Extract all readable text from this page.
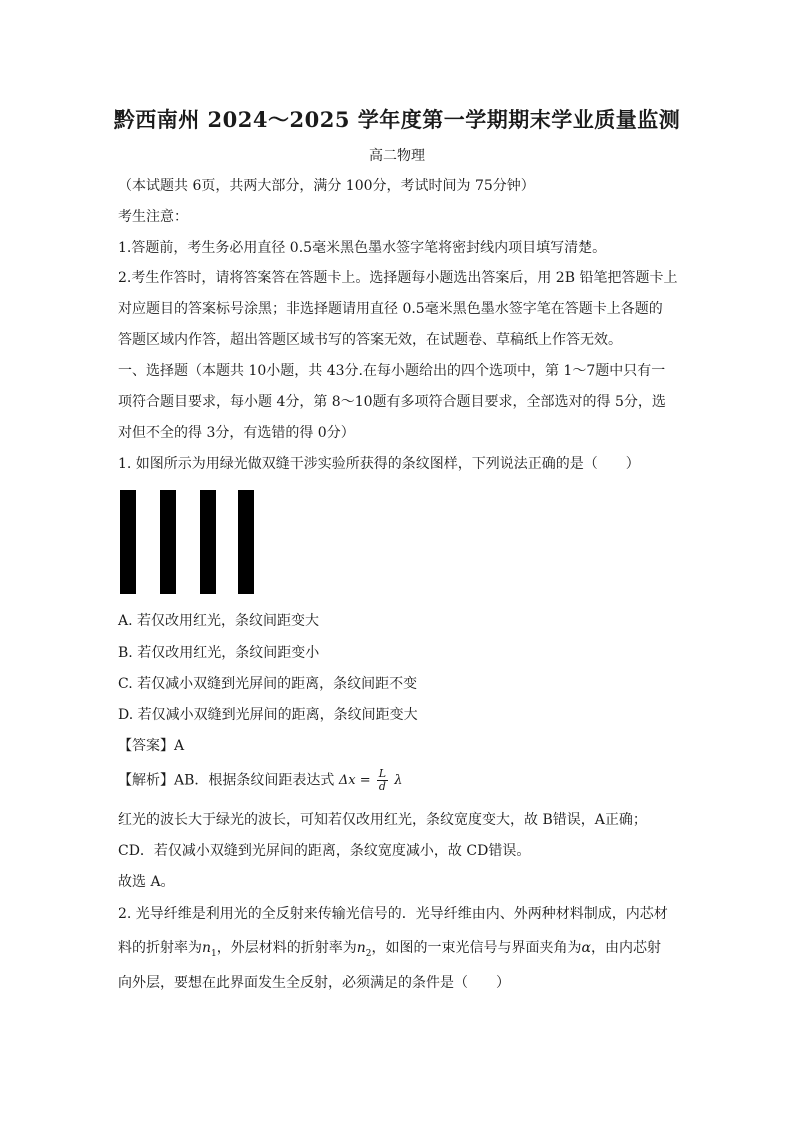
黔西南州 2024～2025 学年度第一学期期末学业质量监测
高二物理
（本试题共 6页，共两大部分，满分 100分，考试时间为 75分钟）
考生注意：
1.答题前，考生务必用直径 0.5毫米黑色墨水签字笔将密封线内项目填写清楚。
2.考生作答时，请将答案答在答题卡上。选择题每小题选出答案后，用 2B 铅笔把答题卡上
对应题目的答案标号涂黑；非选择题请用直径 0.5毫米黑色墨水签字笔在答题卡上各题的
答题区域内作答，超出答题区域书写的答案无效，在试题卷、草稿纸上作答无效。
一、选择题（本题共 10小题，共 43分.在每小题给出的四个选项中，第 1～7题中只有一
项符合题目要求，每小题 4分，第 8～10题有多项符合题目要求，全部选对的得 5分，选
对但不全的得 3分，有选错的得 0分）
1. 如图所示为用绿光做双缝干涉实验所获得的条纹图样，下列说法正确的是（　　）
A. 若仅改用红光，条纹间距变大
B. 若仅改用红光，条纹间距变小
C. 若仅减小双缝到光屏间的距离，条纹间距不变
D. 若仅减小双缝到光屏间的距离，条纹间距变大
【答案】A
【解析】AB．根据条纹间距表达式 $\Delta x = \frac{L}{d}$ λ
红光的波长大于绿光的波长，可知若仅改用红光，条纹宽度变大，故 B错误，A正确；
CD．若仅减小双缝到光屏间的距离，条纹宽度减小，故 CD错误。
故选 A。
2. 光导纤维是利用光的全反射来传输光信号的．光导纤维由内、外两种材料制成，内芯材
料的折射率为$n_1$，外层材料的折射率为$n_2$，如图的一束光信号与界面夹角为α，由内芯射
向外层，要想在此界面发生全反射，必须满足的条件是（　　）
